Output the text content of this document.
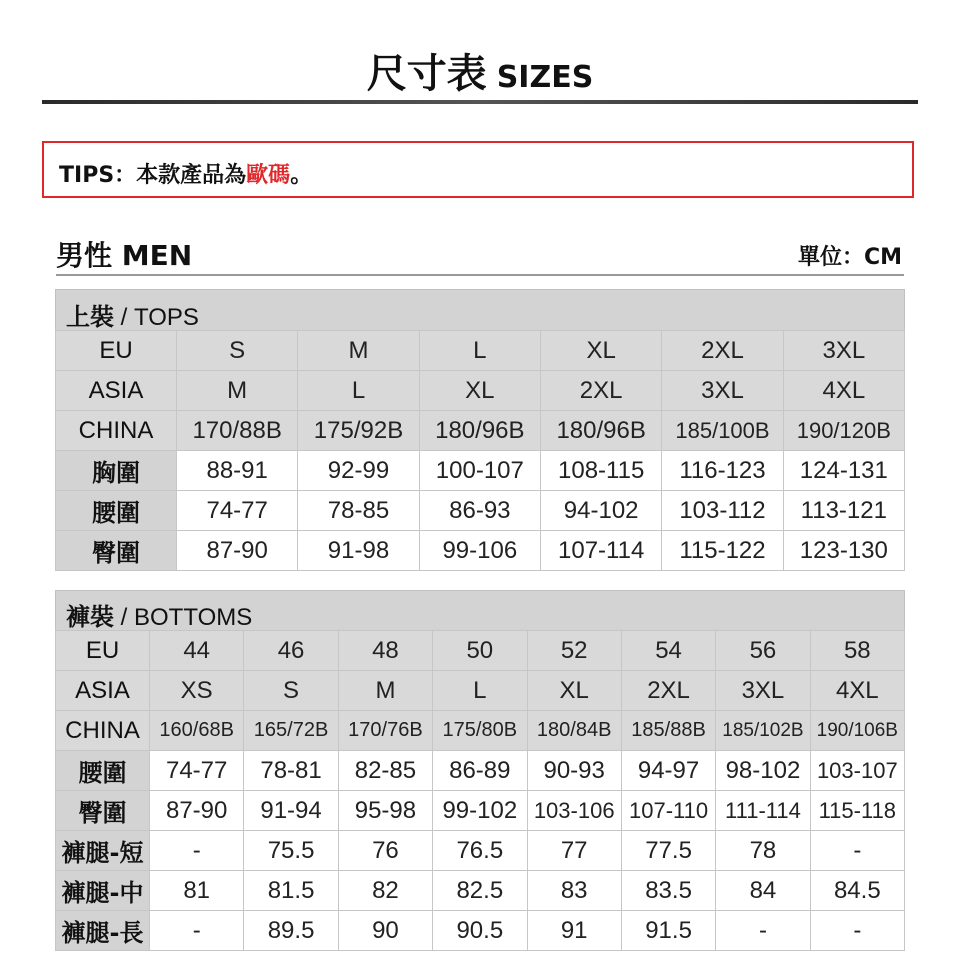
尺寸表 SIZES
TIPS：本款產品為歐碼。
男性 MEN	單位：CM
上裝 / TOPS
EU	S	M	L	XL	2XL	3XL
ASIA	M	L	XL	2XL	3XL	4XL
CHINA	170/88B	175/92B	180/96B	180/96B	185/100B	190/120B
胸圍	88-91	92-99	100-107	108-115	116-123	124-131
腰圍	74-77	78-85	86-93	94-102	103-112	113-121
臀圍	87-90	91-98	99-106	107-114	115-122	123-130
褲裝 / BOTTOMS
EU	44	46	48	50	52	54	56	58
ASIA	XS	S	M	L	XL	2XL	3XL	4XL
CHINA	160/68B	165/72B	170/76B	175/80B	180/84B	185/88B	185/102B	190/106B
腰圍	74-77	78-81	82-85	86-89	90-93	94-97	98-102	103-107
臀圍	87-90	91-94	95-98	99-102	103-106	107-110	111-114	115-118
褲腿-短	-	75.5	76	76.5	77	77.5	78	-
褲腿-中	81	81.5	82	82.5	83	83.5	84	84.5
褲腿-長	-	89.5	90	90.5	91	91.5	-	-
